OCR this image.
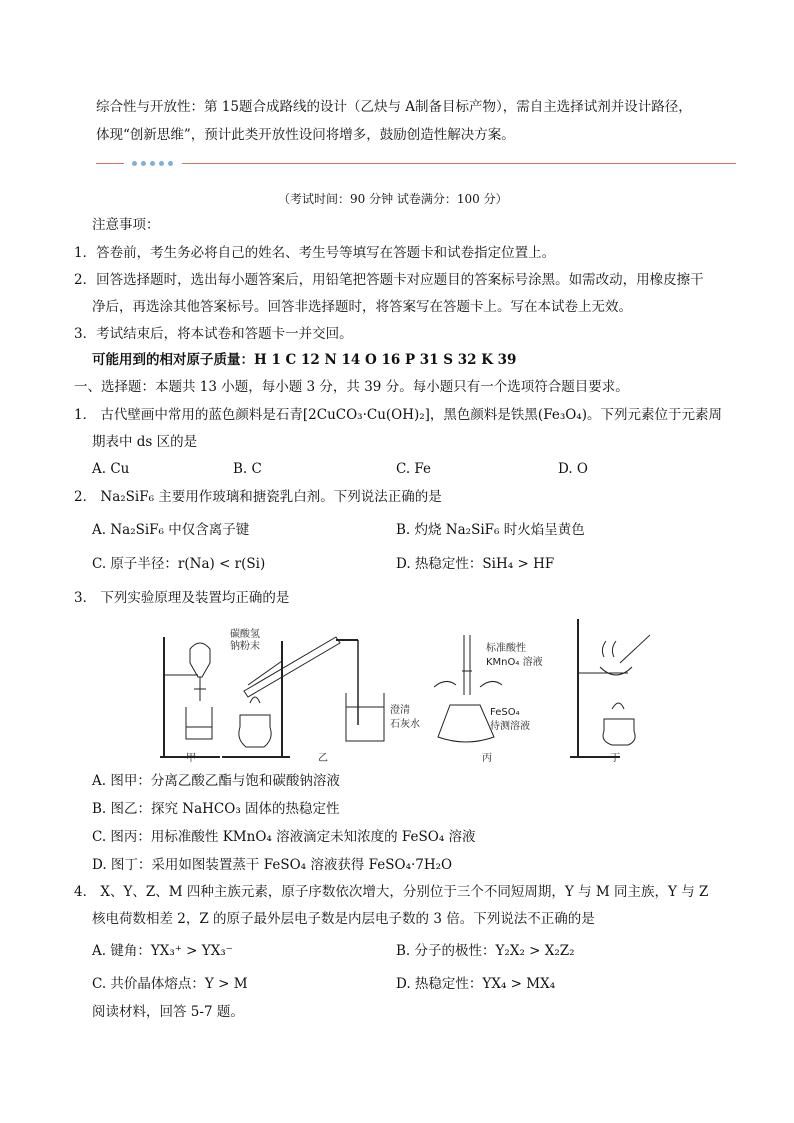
综合性与开放性：第 15题合成路线的设计（乙炔与 A制备目标产物），需自主选择试剂并设计路径，
体现“创新思维”，预计此类开放性设问将增多，鼓励创造性解决方案。
（考试时间：90 分钟 试卷满分：100 分）
注意事项：
1．答卷前，考生务必将自己的姓名、考生号等填写在答题卡和试卷指定位置上。
2．回答选择题时，选出每小题答案后，用铅笔把答题卡对应题目的答案标号涂黑。如需改动，用橡皮擦干
净后，再选涂其他答案标号。回答非选择题时，将答案写在答题卡上。写在本试卷上无效。
3．考试结束后，将本试卷和答题卡一并交回。
可能用到的相对原子质量：H 1 C 12 N 14 O 16 P 31 S 32 K 39
一、选择题：本题共 13 小题，每小题 3 分，共 39 分。每小题只有一个选项符合题目要求。
1． 古代壁画中常用的蓝色颜料是石青[2CuCO₃·Cu(OH)₂]，黑色颜料是铁黑(Fe₃O₄)。下列元素位于元素周
期表中 ds 区的是
A. Cu	B. C	C. Fe	D. O
2． Na₂SiF₆ 主要用作玻璃和搪瓷乳白剂。下列说法正确的是
A. Na₂SiF₆ 中仅含离子键	B. 灼烧 Na₂SiF₆ 时火焰呈黄色
C. 原子半径：r(Na) < r(Si)	D. 热稳定性：SiH₄ > HF
3． 下列实验原理及装置均正确的是
碳酸氢
钠粉末
澄清
石灰水
标准酸性
KMnO₄ 溶液
FeSO₄
待测溶液
甲	乙	丙	丁
A. 图甲：分离乙酸乙酯与饱和碳酸钠溶液
B. 图乙：探究 NaHCO₃ 固体的热稳定性
C. 图丙：用标准酸性 KMnO₄ 溶液滴定未知浓度的 FeSO₄ 溶液
D. 图丁：采用如图装置蒸干 FeSO₄ 溶液获得 FeSO₄·7H₂O
4． X、Y、Z、M 四种主族元素，原子序数依次增大，分别位于三个不同短周期，Y 与 M 同主族，Y 与 Z
核电荷数相差 2，Z 的原子最外层电子数是内层电子数的 3 倍。下列说法不正确的是
A. 键角：YX₃⁺ > YX₃⁻	B. 分子的极性：Y₂X₂ > X₂Z₂
C. 共价晶体熔点：Y > M	D. 热稳定性：YX₄ > MX₄
阅读材料，回答 5-7 题。
